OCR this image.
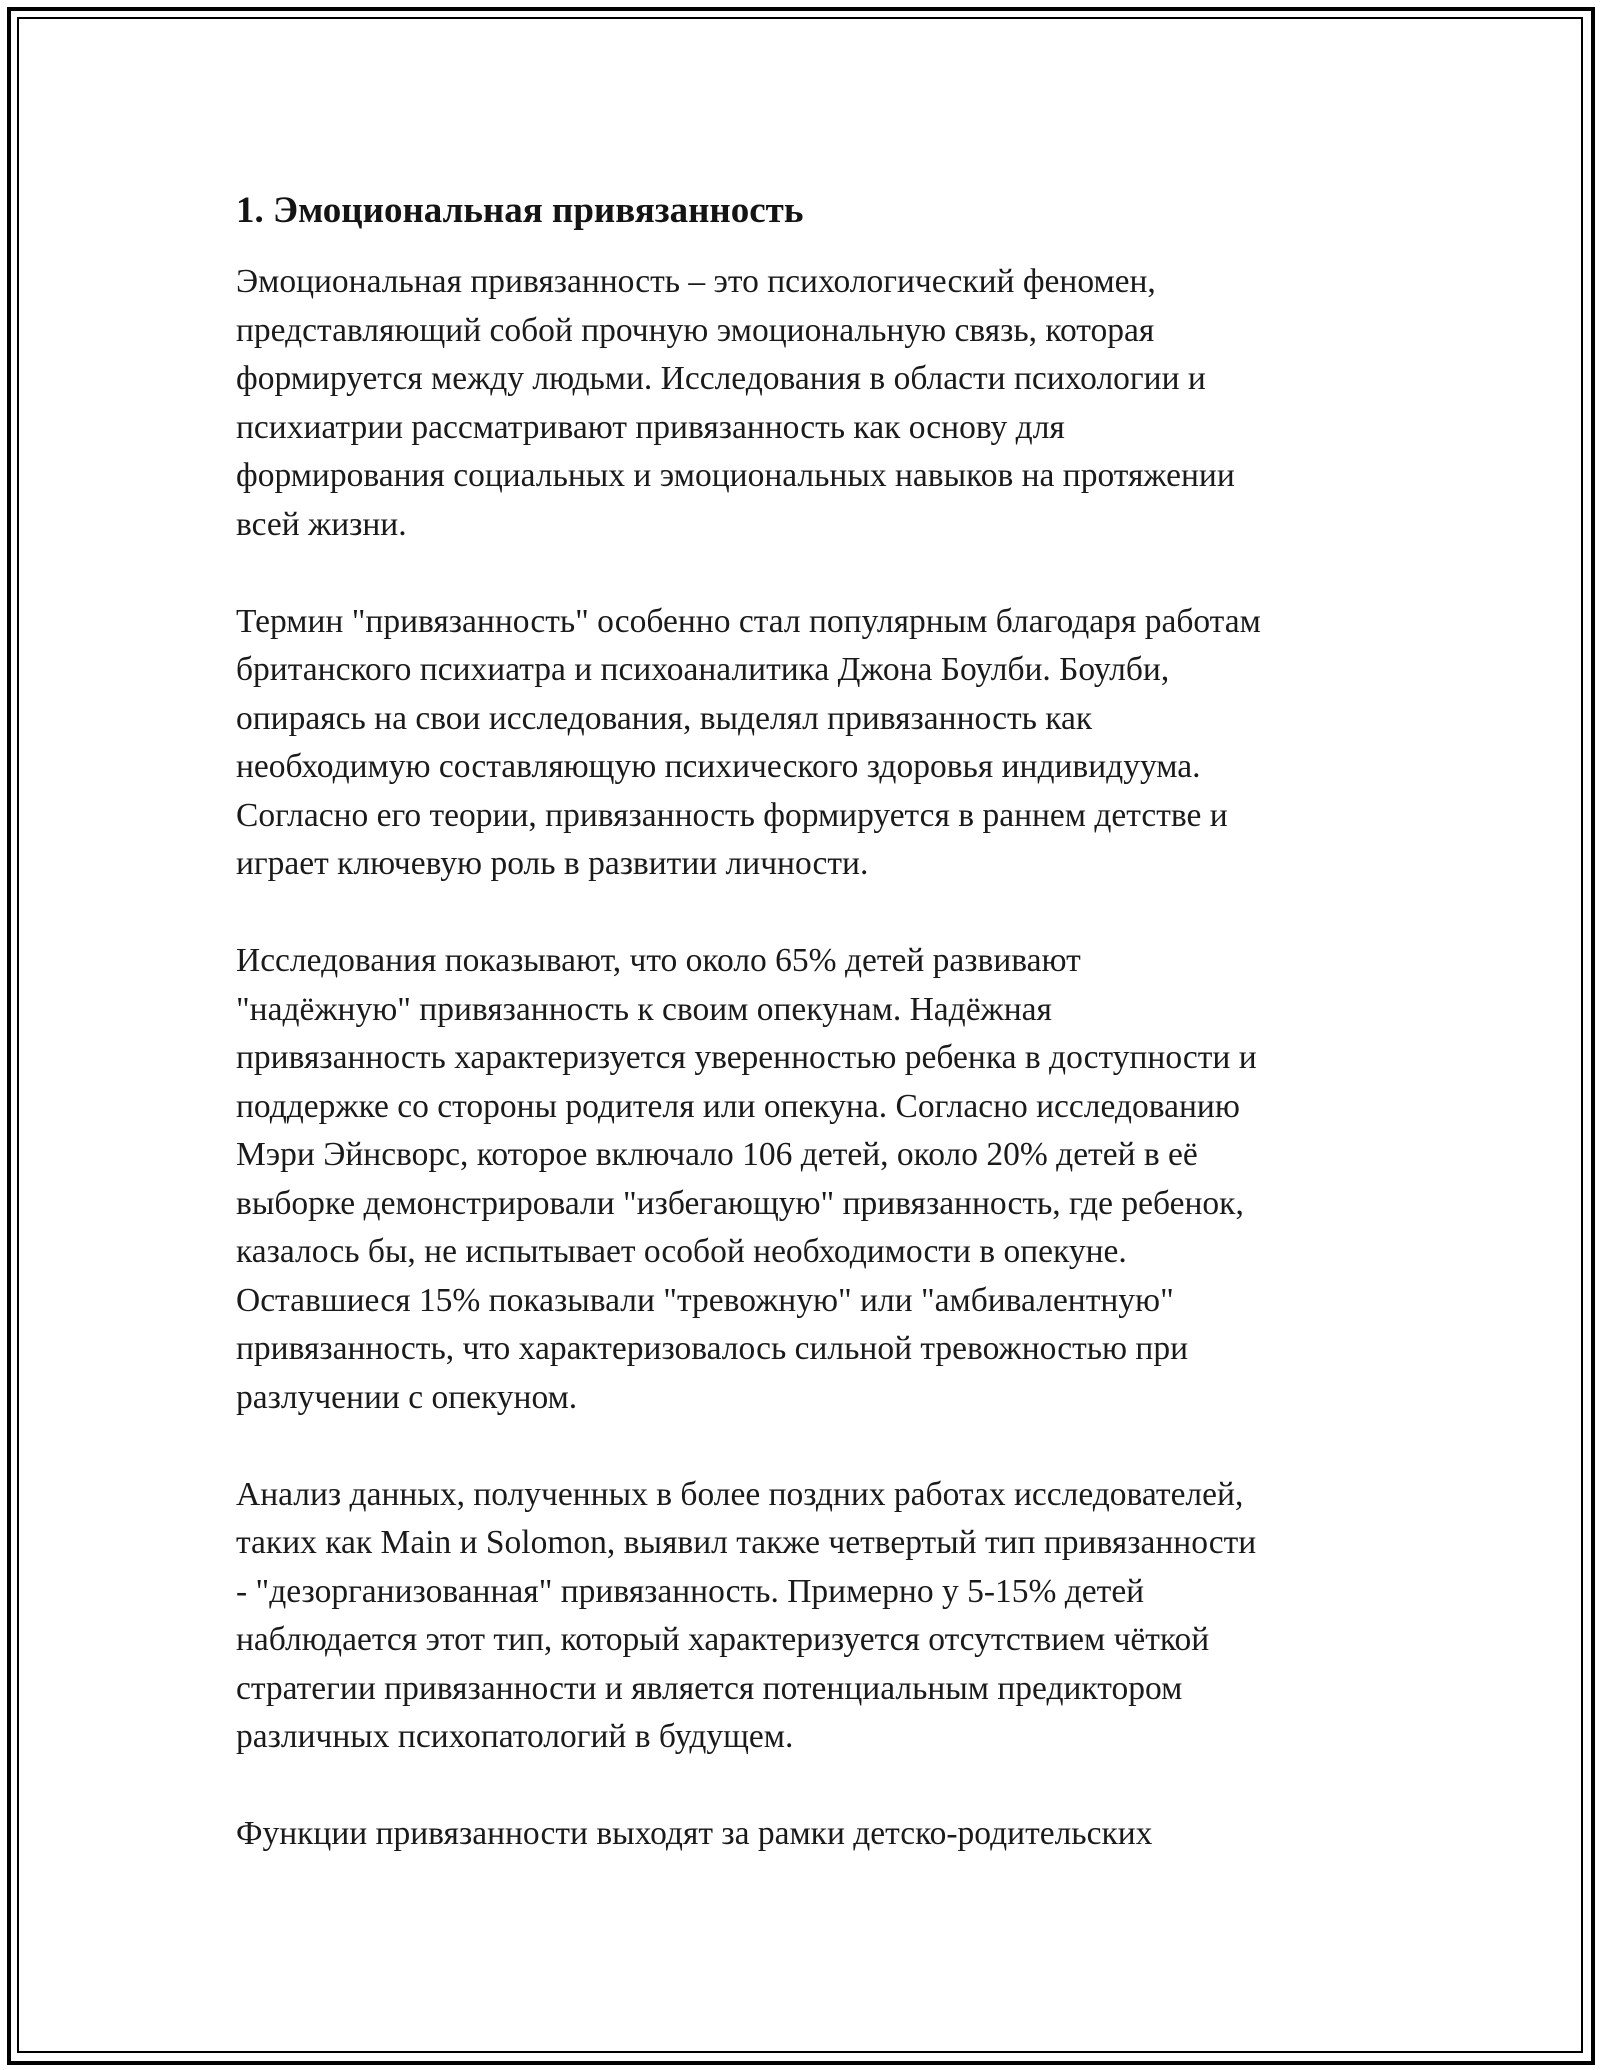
1. Эмоциональная привязанность

Эмоциональная привязанность – это психологический феномен,
представляющий собой прочную эмоциональную связь, которая
формируется между людьми. Исследования в области психологии и
психиатрии рассматривают привязанность как основу для
формирования социальных и эмоциональных навыков на протяжении
всей жизни.

Термин "привязанность" особенно стал популярным благодаря работам
британского психиатра и психоаналитика Джона Боулби. Боулби,
опираясь на свои исследования, выделял привязанность как
необходимую составляющую психического здоровья индивидуума.
Согласно его теории, привязанность формируется в раннем детстве и
играет ключевую роль в развитии личности.

Исследования показывают, что около 65% детей развивают
"надёжную" привязанность к своим опекунам. Надёжная
привязанность характеризуется уверенностью ребенка в доступности и
поддержке со стороны родителя или опекуна. Согласно исследованию
Мэри Эйнсворс, которое включало 106 детей, около 20% детей в её
выборке демонстрировали "избегающую" привязанность, где ребенок,
казалось бы, не испытывает особой необходимости в опекуне.
Оставшиеся 15% показывали "тревожную" или "амбивалентную"
привязанность, что характеризовалось сильной тревожностью при
разлучении с опекуном.

Анализ данных, полученных в более поздних работах исследователей,
таких как Main и Solomon, выявил также четвертый тип привязанности
- "дезорганизованная" привязанность. Примерно у 5-15% детей
наблюдается этот тип, который характеризуется отсутствием чёткой
стратегии привязанности и является потенциальным предиктором
различных психопатологий в будущем.

Функции привязанности выходят за рамки детско-родительских
